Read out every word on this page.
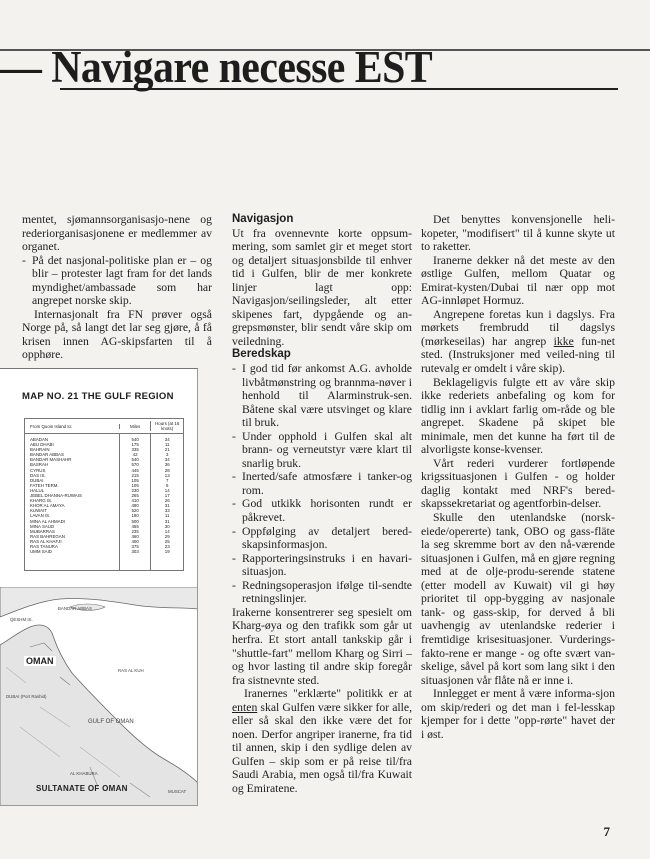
— Navigare necesse EST

mentet, sjømannsorganisasjo-nene og rederiorganisasjonene er medlemmer av organet.

- På det nasjonal-politiske plan er – og blir – protester lagt fram for det lands myndighet/ambassade som har angrepet norske skip.

Internasjonalt fra FN prøver også Norge på, så langt det lar seg gjøre, å få krisen innen AG-skipsfarten til å opphøre.

MAP NO. 21 THE GULF REGION
From Quoin Island to:	Miles	Hours (at 16 knots)
ABADAN
ABU DHABI
BAHRAIN
BANDAR ABBAS
BANDAR MASHAHR
BASRAH
CYRUS
DAS IS.
DUBAI
FATEH TERM.
HALUL
JEBEL DHANNA-RUWAIS
KHARG IS.
KHOR AL AMAYA
KUWAIT
LAVAN IS.
MINA AL AHMADI
MINA SAUD
MUBARRAS
RAS BAHREGAN
RAS AL KHAFJI
RAS TANURA
UMM SAID
540
175
335
42
540
570
445
215
105
105
230
265
410
490
520
180
500
455
235
460
400
375
303
34
11
21
3
34
36
28
13
7
6
14
17
26
31
33
11
31
30
14
29
25
23
19
BANDAR ABBAS
QESHM IS.
OMAN
RAS AL KUH
DUBAI (Port Rashid)
GULF OF OMAN
AL KHABURA
MUSCAT
SULTANATE OF OMAN

Navigasjon

Ut fra ovennevnte korte oppsum-mering, som samlet gir et meget stort og detaljert situasjonsbilde til enhver tid i Gulfen, blir de mer konkrete linjer lagt opp: Navigasjon/seilingsleder, alt etter skipenes fart, dypgående og an-grepsmønster, blir sendt våre skip om veiledning.

Beredskap

- I god tid før ankomst A.G. avholde livbåtmønstring og brannma-nøver i henhold til Alarminstruk-sen. Båtene skal være utsvinget og klare til bruk.
- Under opphold i Gulfen skal alt brann- og verneutstyr være klart til snarlig bruk.
- Inerted/safe atmosfære i tanker-og rom.
- God utkikk horisonten rundt er påkrevet.
- Oppfølging av detaljert bered-skapsinformasjon.
- Rapporteringsinstruks i en havari-situasjon.
- Redningsoperasjon ifølge til-sendte retningslinjer.

Irakerne konsentrerer seg spesielt om Kharg-øya og den trafikk som går ut herfra. Et stort antall tankskip går i "shuttle-fart" mellom Kharg og Sirri – og hvor lasting til andre skip foregår fra sistnevnte sted.

Iranernes "erklærte" politikk er at enten skal Gulfen være sikker for alle, eller så skal den ikke være det for noen. Derfor angriper iranerne, fra tid til annen, skip i den sydlige delen av Gulfen – skip som er på reise til/fra Saudi Arabia, men også til/fra Kuwait og Emiratene.

Det benyttes konvensjonelle heli-kopeter, "modifisert" til å kunne skyte ut to raketter.

Iranerne dekker nå det meste av den østlige Gulfen, mellom Quatar og Emirat-kysten/Dubai til nær opp mot AG-innløpet Hormuz.

Angrepene foretas kun i dagslys. Fra mørkets frembrudd til dagslys (mørkeseilas) har angrep ikke fun-net sted. (Instruksjoner med veiled-ning til rutevalg er omdelt i våre skip).

Beklageligvis fulgte ett av våre skip ikke rederiets anbefaling og kom for tidlig inn i avklart farlig om-råde og ble angrepet. Skadene på skipet ble minimale, men det kunne ha ført til de alvorligste konse-kvenser.

Vårt rederi vurderer fortløpende krigssituasjonen i Gulfen - og holder daglig kontakt med NRF's bered-skapssekretariat og agentforbin-delser.

Skulle den utenlandske (norsk-eiede/opererte) tank, OBO og gass-fläte la seg skremme bort av den nå-værende situasjonen i Gulfen, må en gjøre regning med at de olje-produ-serende statene (etter modell av Kuwait) vil gi høy prioritet til opp-bygging av nasjonale tank- og gass-skip, for derved å bli uavhengig av utenlandske rederier i fremtidige krisesituasjoner. Vurderings-fakto-rene er mange - og ofte svært van-skelige, såvel på kort som lang sikt i den situasjonen vår flåte nå er inne i.

Innlegget er ment å være informa-sjon om skip/rederi og det man i fel-lesskap kjemper for i dette "opp-rørte" havet der i øst.

7
